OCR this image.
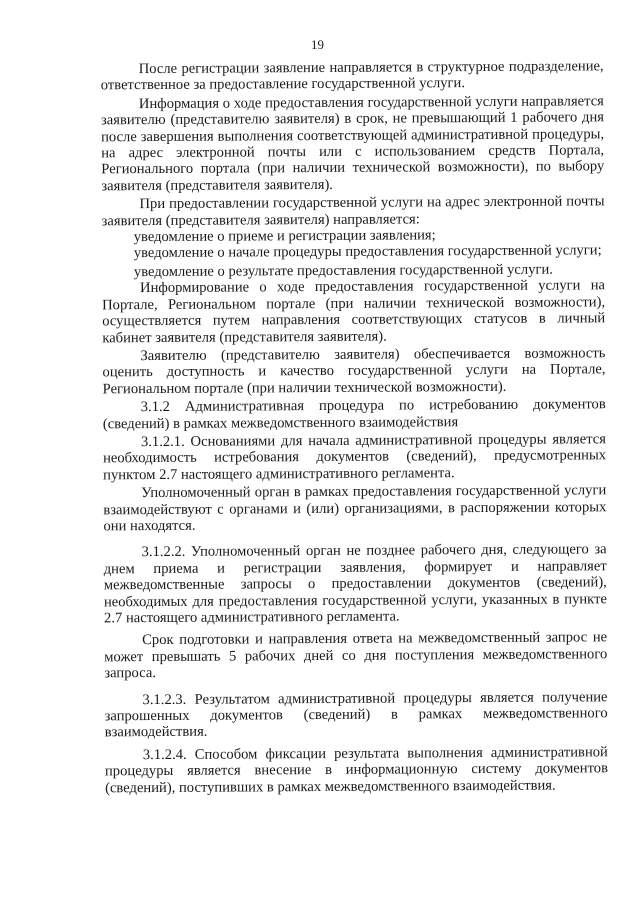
19

После регистрации заявление направляется в структурное подразделение, ответственное за предоставление государственной услуги.

Информация о ходе предоставления государственной услуги направляется заявителю (представителю заявителя) в срок, не превышающий 1 рабочего дня после завершения выполнения соответствующей административной процедуры, на адрес электронной почты или с использованием средств Портала, Регионального портала (при наличии технической возможности), по выбору заявителя (представителя заявителя).

При предоставлении государственной услуги на адрес электронной почты заявителя (представителя заявителя) направляется:

уведомление о приеме и регистрации заявления;

уведомление о начале процедуры предоставления государственной услуги;

уведомление о результате предоставления государственной услуги.

Информирование о ходе предоставления государственной услуги на Портале, Региональном портале (при наличии технической возможности), осуществляется путем направления соответствующих статусов в личный кабинет заявителя (представителя заявителя).

Заявителю (представителю заявителя) обеспечивается возможность оценить доступность и качество государственной услуги на Портале, Региональном портале (при наличии технической возможности).

3.1.2 Административная процедура по истребованию документов (сведений) в рамках межведомственного взаимодействия

3.1.2.1. Основаниями для начала административной процедуры является необходимость истребования документов (сведений), предусмотренных пунктом 2.7 настоящего административного регламента.

Уполномоченный орган в рамках предоставления государственной услуги взаимодействуют с органами и (или) организациями, в распоряжении которых они находятся.

3.1.2.2. Уполномоченный орган не позднее рабочего дня, следующего за днем приема и регистрации заявления, формирует и направляет межведомственные запросы о предоставлении документов (сведений), необходимых для предоставления государственной услуги, указанных в пункте 2.7 настоящего административного регламента.

Срок подготовки и направления ответа на межведомственный запрос не может превышать 5 рабочих дней со дня поступления межведомственного запроса.

3.1.2.3. Результатом административной процедуры является получение запрошенных документов (сведений) в рамках межведомственного взаимодействия.

3.1.2.4. Способом фиксации результата выполнения административной процедуры является внесение в информационную систему документов (сведений), поступивших в рамках межведомственного взаимодействия.
